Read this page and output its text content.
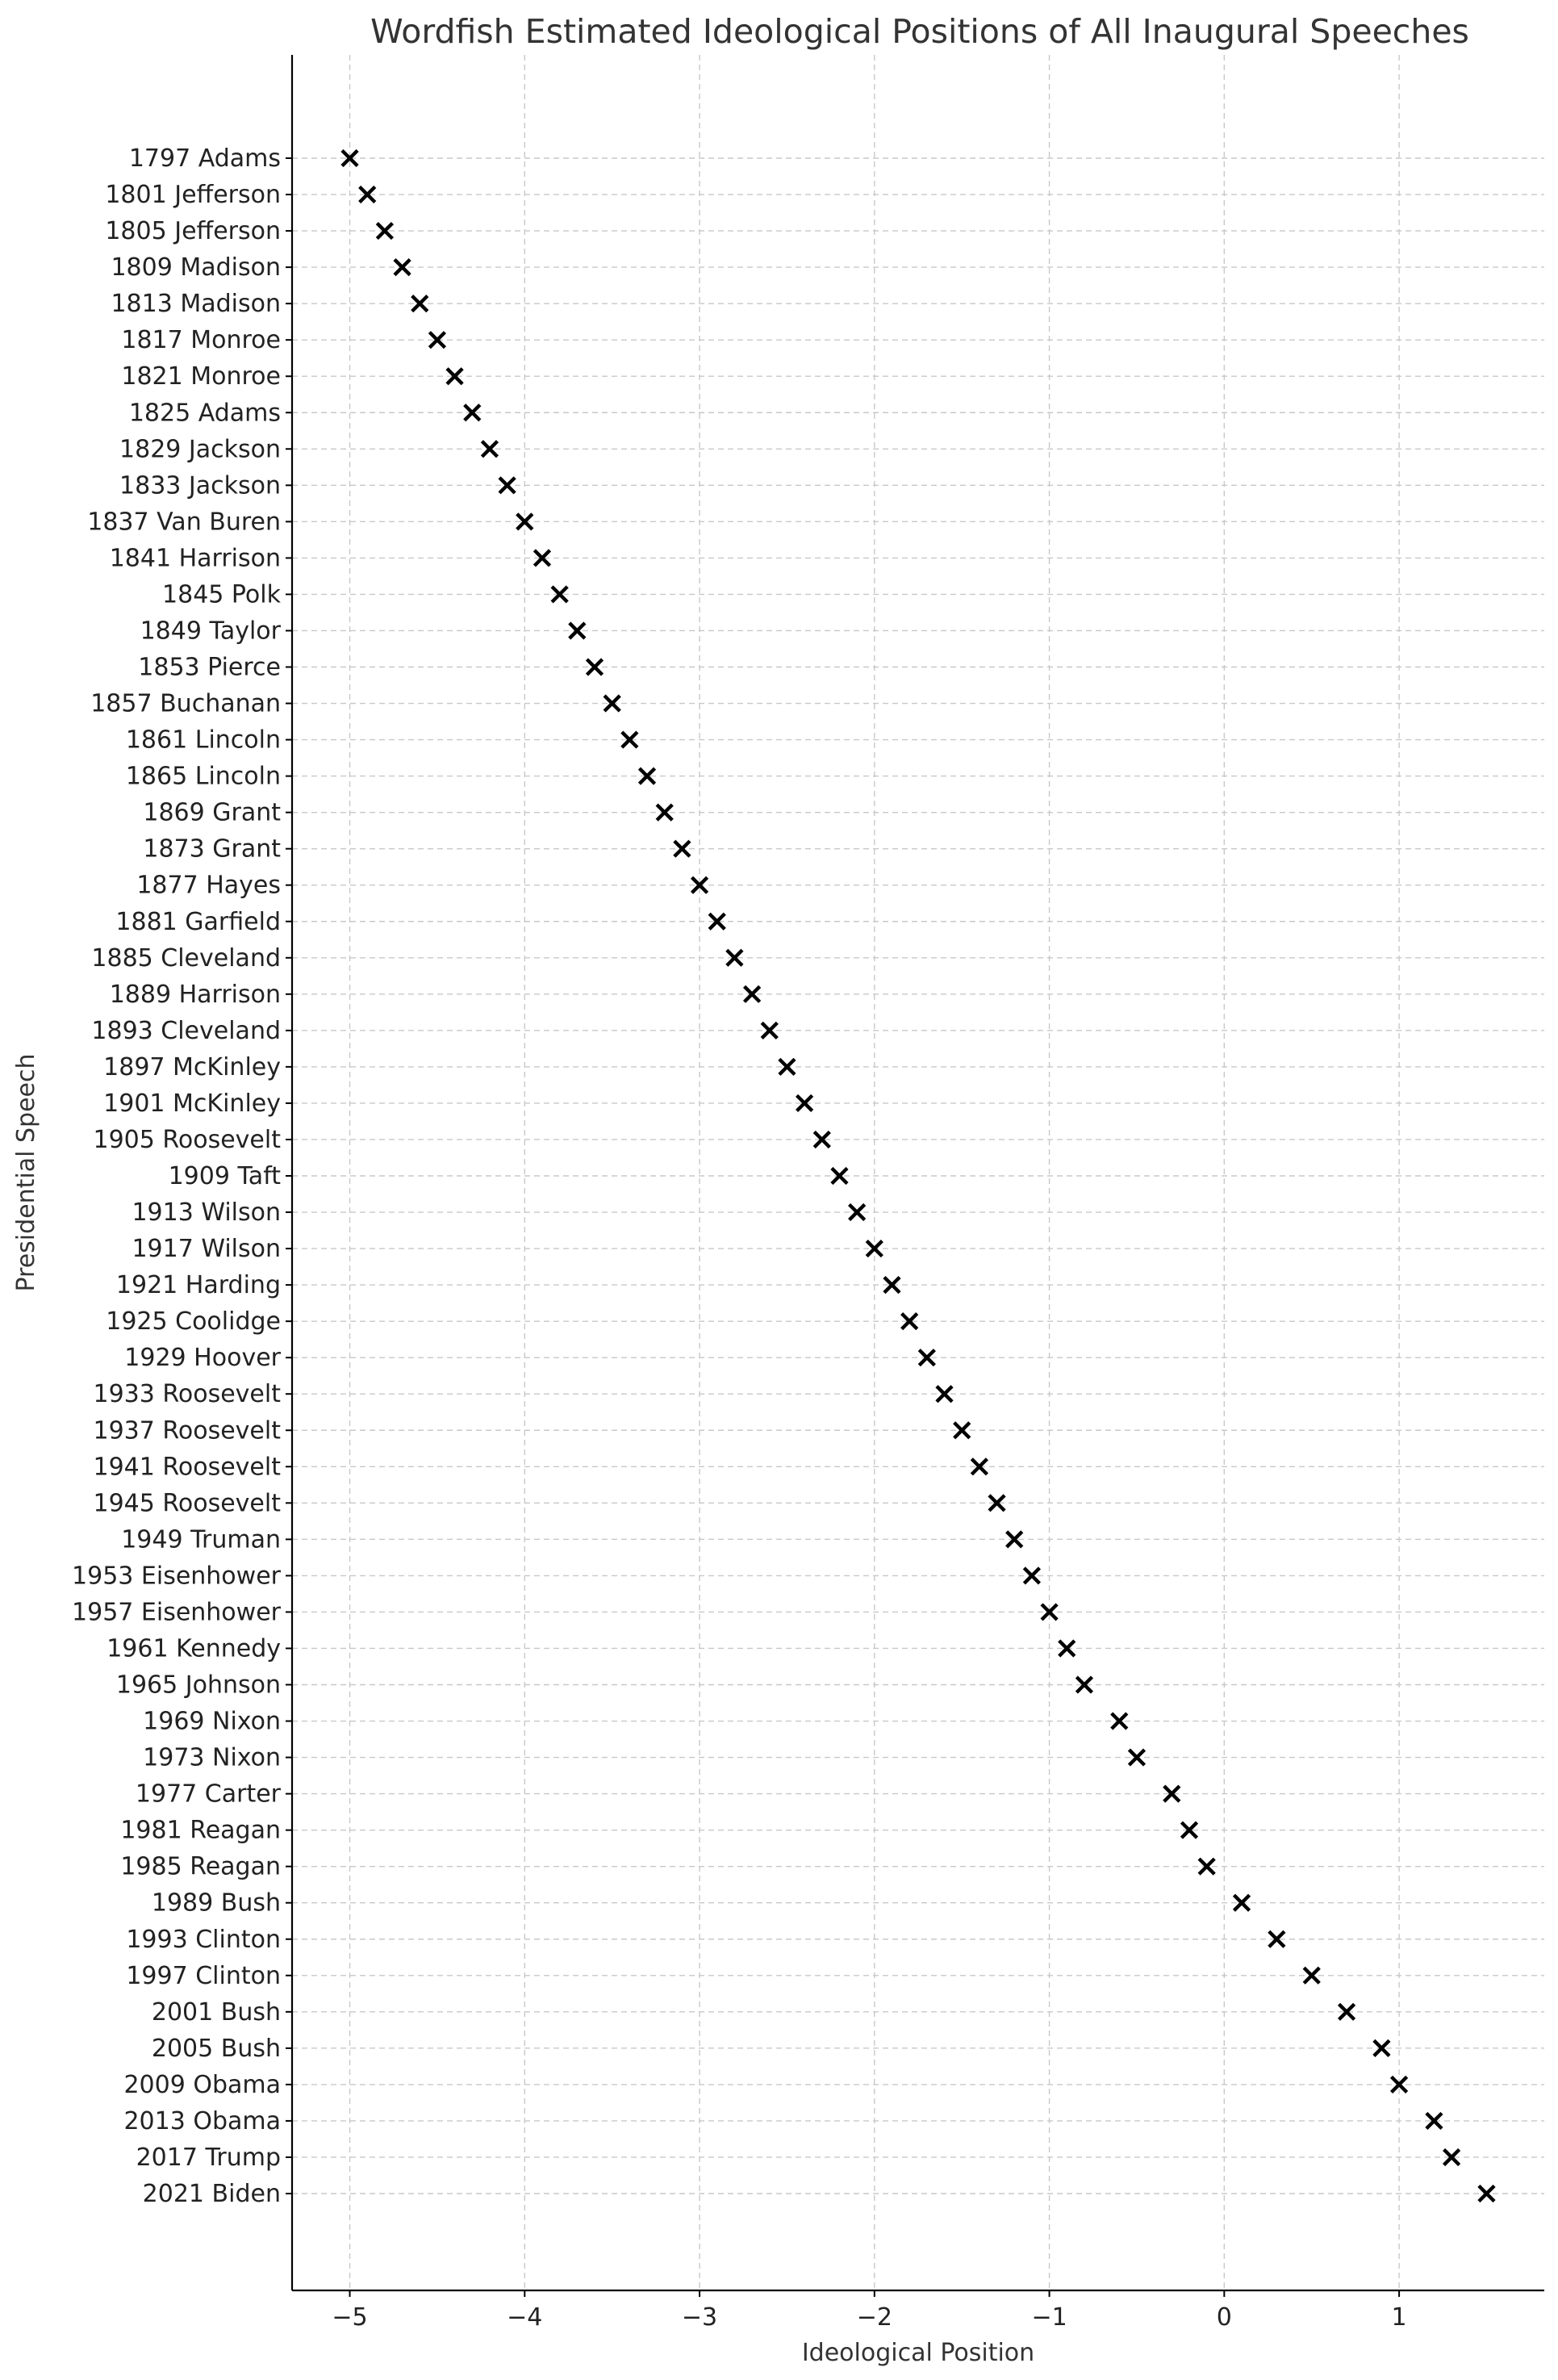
Wordfish Estimated Ideological Positions of All Inaugural Speeches
−5	−4	−3	−2	−1	0	1
1797 Adams
1801 Jefferson
1805 Jefferson
1809 Madison
1813 Madison
1817 Monroe
1821 Monroe
1825 Adams
1829 Jackson
1833 Jackson
1837 Van Buren
1841 Harrison
1845 Polk
1849 Taylor
1853 Pierce
1857 Buchanan
1861 Lincoln
1865 Lincoln
1869 Grant
1873 Grant
1877 Hayes
1881 Garfield
1885 Cleveland
1889 Harrison
1893 Cleveland
1897 McKinley
1901 McKinley
1905 Roosevelt
1909 Taft
1913 Wilson
1917 Wilson
1921 Harding
1925 Coolidge
1929 Hoover
1933 Roosevelt
1937 Roosevelt
1941 Roosevelt
1945 Roosevelt
1949 Truman
1953 Eisenhower
1957 Eisenhower
1961 Kennedy
1965 Johnson
1969 Nixon
1973 Nixon
1977 Carter
1981 Reagan
1985 Reagan
1989 Bush
1993 Clinton
1997 Clinton
2001 Bush
2005 Bush
2009 Obama
2013 Obama
2017 Trump
2021 Biden
Ideological Position
Presidential Speech
